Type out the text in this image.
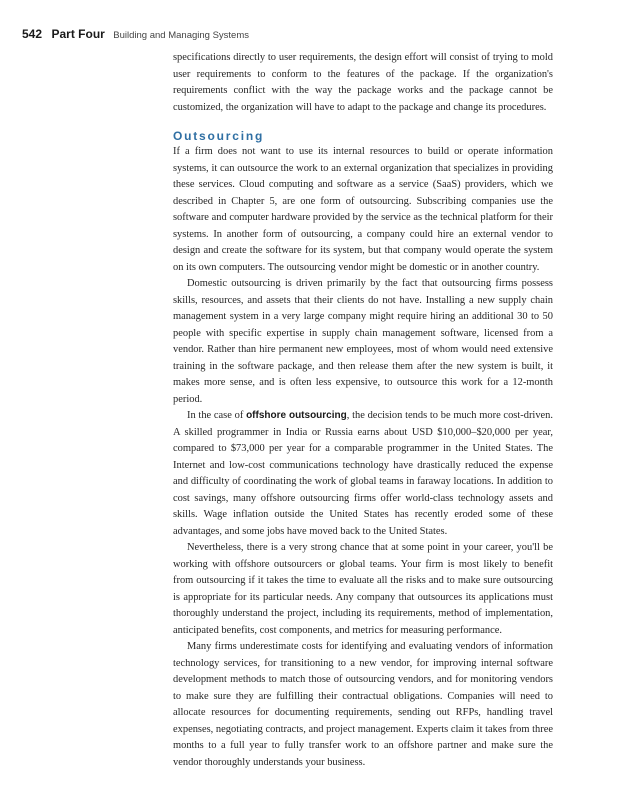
542 Part Four Building and Managing Systems

specifications directly to user requirements, the design effort will consist of trying to mold user requirements to conform to the features of the package. If the organization's requirements conflict with the way the package works and the package cannot be customized, the organization will have to adapt to the package and change its procedures.

Outsourcing

If a firm does not want to use its internal resources to build or operate information systems, it can outsource the work to an external organization that specializes in providing these services. Cloud computing and software as a service (SaaS) providers, which we described in Chapter 5, are one form of outsourcing. Subscribing companies use the software and computer hardware provided by the service as the technical platform for their systems. In another form of outsourcing, a company could hire an external vendor to design and create the software for its system, but that company would operate the system on its own computers. The outsourcing vendor might be domestic or in another country.

Domestic outsourcing is driven primarily by the fact that outsourcing firms possess skills, resources, and assets that their clients do not have. Installing a new supply chain management system in a very large company might require hiring an additional 30 to 50 people with specific expertise in supply chain management software, licensed from a vendor. Rather than hire permanent new employees, most of whom would need extensive training in the software package, and then release them after the new system is built, it makes more sense, and is often less expensive, to outsource this work for a 12-month period.

In the case of offshore outsourcing, the decision tends to be much more cost-driven. A skilled programmer in India or Russia earns about USD $10,000–$20,000 per year, compared to $73,000 per year for a comparable programmer in the United States. The Internet and low-cost communications technology have drastically reduced the expense and difficulty of coordinating the work of global teams in faraway locations. In addition to cost savings, many offshore outsourcing firms offer world-class technology assets and skills. Wage inflation outside the United States has recently eroded some of these advantages, and some jobs have moved back to the United States.

Nevertheless, there is a very strong chance that at some point in your career, you'll be working with offshore outsourcers or global teams. Your firm is most likely to benefit from outsourcing if it takes the time to evaluate all the risks and to make sure outsourcing is appropriate for its particular needs. Any company that outsources its applications must thoroughly understand the project, including its requirements, method of implementation, anticipated benefits, cost components, and metrics for measuring performance.

Many firms underestimate costs for identifying and evaluating vendors of information technology services, for transitioning to a new vendor, for improving internal software development methods to match those of outsourcing vendors, and for monitoring vendors to make sure they are fulfilling their contractual obligations. Companies will need to allocate resources for documenting requirements, sending out RFPs, handling travel expenses, negotiating contracts, and project management. Experts claim it takes from three months to a full year to fully transfer work to an offshore partner and make sure the vendor thoroughly understands your business.
